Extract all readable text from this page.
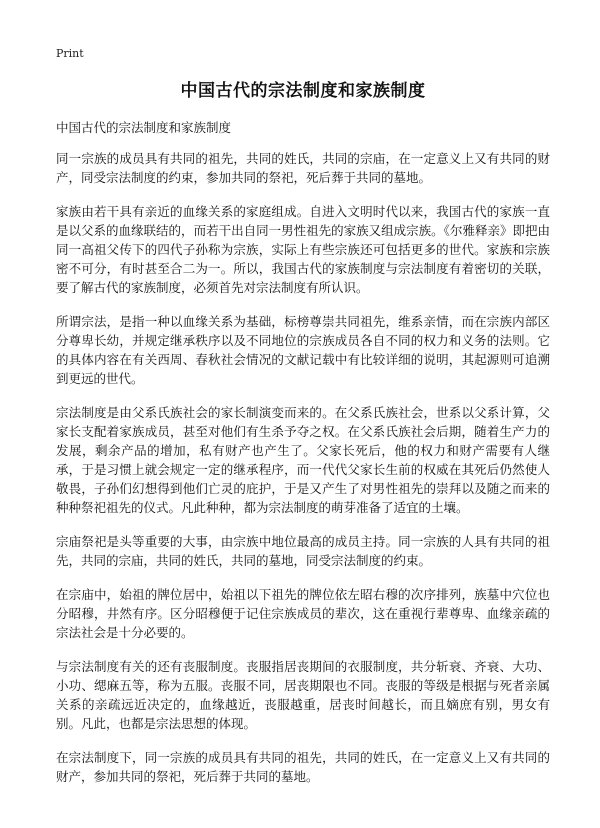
Print
中国古代的宗法制度和家族制度

中国古代的宗法制度和家族制度

同一宗族的成员具有共同的祖先，共同的姓氏，共同的宗庙，在一定意义上又有共同的财产，同受宗法制度的约束，参加共同的祭祀，死后葬于共同的墓地。

家族由若干具有亲近的血缘关系的家庭组成。自进入文明时代以来，我国古代的家族一直是以父系的血缘联结的，而若干出自同一男性祖先的家族又组成宗族。《尔雅释亲》即把由同一高祖父传下的四代子孙称为宗族，实际上有些宗族还可包括更多的世代。家族和宗族密不可分，有时甚至合二为一。所以，我国古代的家族制度与宗法制度有着密切的关联，要了解古代的家族制度，必须首先对宗法制度有所认识。

所谓宗法，是指一种以血缘关系为基础，标榜尊崇共同祖先，维系亲情，而在宗族内部区分尊卑长幼，并规定继承秩序以及不同地位的宗族成员各自不同的权力和义务的法则。它的具体内容在有关西周、春秋社会情况的文献记载中有比较详细的说明，其起源则可追溯到更远的世代。

宗法制度是由父系氏族社会的家长制演变而来的。在父系氏族社会，世系以父系计算，父家长支配着家族成员，甚至对他们有生杀予夺之权。在父系氏族社会后期，随着生产力的发展，剩余产品的增加，私有财产也产生了。父家长死后，他的权力和财产需要有人继承，于是习惯上就会规定一定的继承程序，而一代代父家长生前的权威在其死后仍然使人敬畏，子孙们幻想得到他们亡灵的庇护，于是又产生了对男性祖先的崇拜以及随之而来的种种祭祀祖先的仪式。凡此种种，都为宗法制度的萌芽准备了适宜的土壤。

宗庙祭祀是头等重要的大事，由宗族中地位最高的成员主持。同一宗族的人具有共同的祖先，共同的宗庙，共同的姓氏，共同的墓地，同受宗法制度的约束。

在宗庙中，始祖的牌位居中，始祖以下祖先的牌位依左昭右穆的次序排列，族墓中穴位也分昭穆，井然有序。区分昭穆便于记住宗族成员的辈次，这在重视行辈尊卑、血缘亲疏的宗法社会是十分必要的。

与宗法制度有关的还有丧服制度。丧服指居丧期间的衣服制度，共分斩衰、齐衰、大功、小功、缌麻五等，称为五服。丧服不同，居丧期限也不同。丧服的等级是根据与死者亲属关系的亲疏远近决定的，血缘越近，丧服越重，居丧时间越长，而且嫡庶有别，男女有别。凡此，也都是宗法思想的体现。

在宗法制度下，同一宗族的成员具有共同的祖先，共同的姓氏，在一定意义上又有共同的财产，参加共同的祭祀，死后葬于共同的墓地。
